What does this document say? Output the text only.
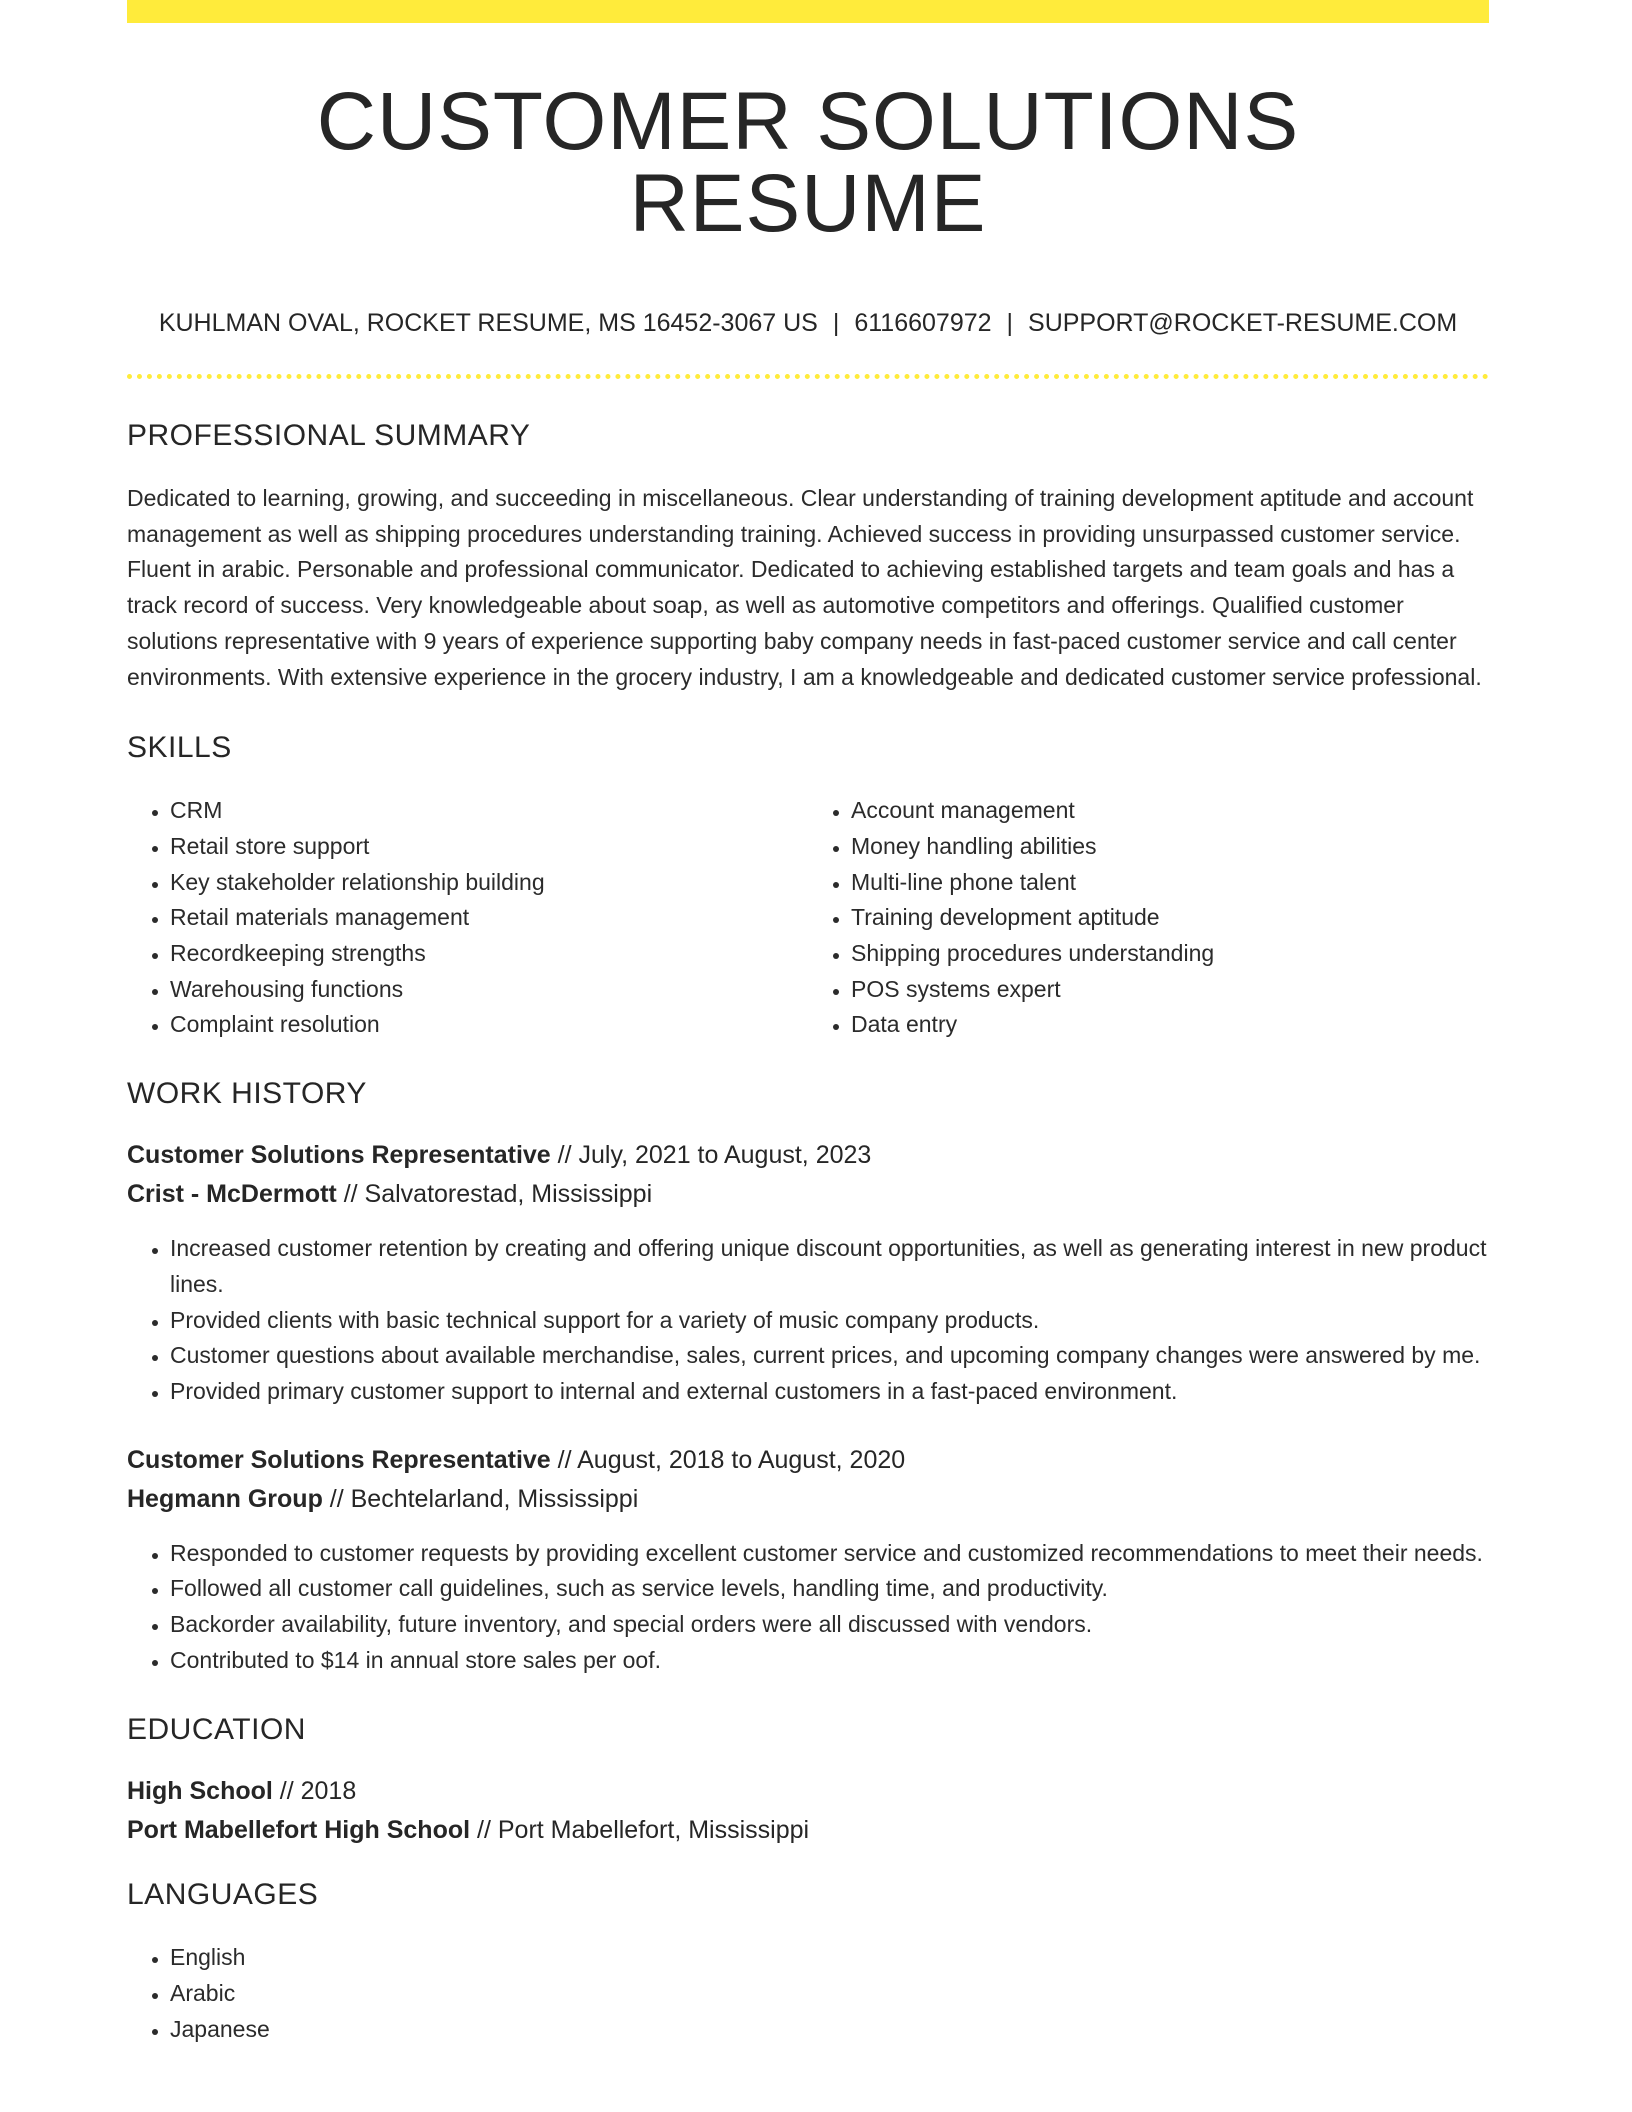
CUSTOMER SOLUTIONS RESUME
KUHLMAN OVAL, ROCKET RESUME, MS 16452-3067 US | 6116607972 | SUPPORT@ROCKET-RESUME.COM
PROFESSIONAL SUMMARY

Dedicated to learning, growing, and succeeding in miscellaneous. Clear understanding of training development aptitude and account management as well as shipping procedures understanding training. Achieved success in providing unsurpassed customer service. Fluent in arabic. Personable and professional communicator. Dedicated to achieving established targets and team goals and has a track record of success. Very knowledgeable about soap, as well as automotive competitors and offerings. Qualified customer solutions representative with 9 years of experience supporting baby company needs in fast-paced customer service and call center environments. With extensive experience in the grocery industry, I am a knowledgeable and dedicated customer service professional.

SKILLS
• CRM
• Retail store support
• Key stakeholder relationship building
• Retail materials management
• Recordkeeping strengths
• Warehousing functions
• Complaint resolution
• Account management
• Money handling abilities
• Multi-line phone talent
• Training development aptitude
• Shipping procedures understanding
• POS systems expert
• Data entry
WORK HISTORY
Customer Solutions Representative // July, 2021 to August, 2023
Crist - McDermott // Salvatorestad, Mississippi
• Increased customer retention by creating and offering unique discount opportunities, as well as generating interest in new product lines.
• Provided clients with basic technical support for a variety of music company products.
• Customer questions about available merchandise, sales, current prices, and upcoming company changes were answered by me.
• Provided primary customer support to internal and external customers in a fast-paced environment.
Customer Solutions Representative // August, 2018 to August, 2020
Hegmann Group // Bechtelarland, Mississippi
• Responded to customer requests by providing excellent customer service and customized recommendations to meet their needs.
• Followed all customer call guidelines, such as service levels, handling time, and productivity.
• Backorder availability, future inventory, and special orders were all discussed with vendors.
• Contributed to $14 in annual store sales per oof.
EDUCATION
High School // 2018
Port Mabellefort High School // Port Mabellefort, Mississippi
LANGUAGES
• English
• Arabic
• Japanese
